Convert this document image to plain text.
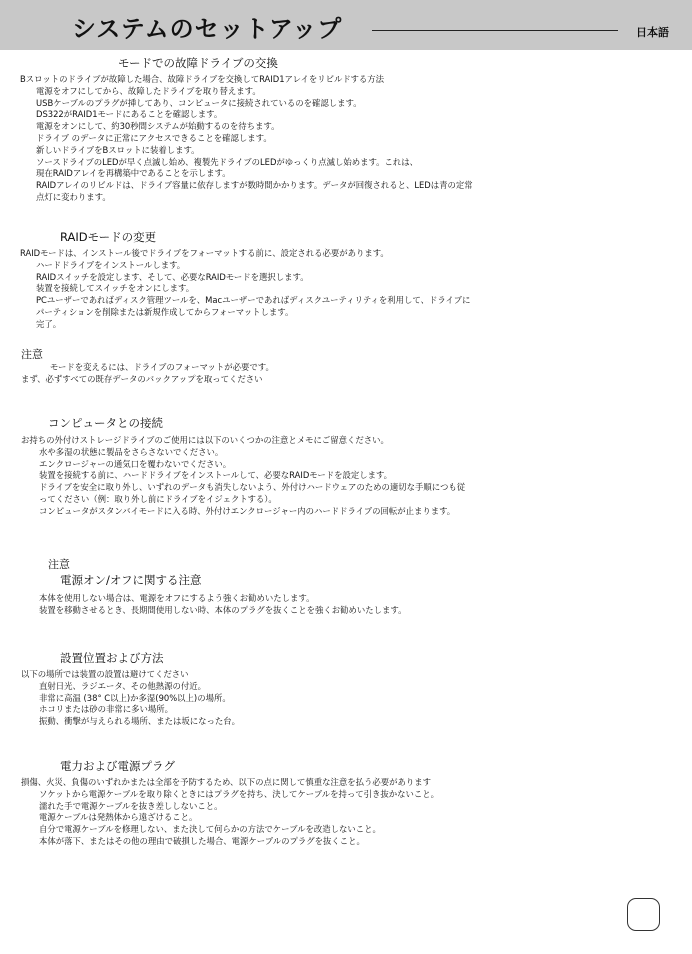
システムのセットアップ	日本語
モードでの故障ドライブの交換
Bスロットのドライブが故障した場合、故障ドライブを交換してRAID1アレイをリビルドする方法
電源をオフにしてから、故障したドライブを取り替えます。
USBケーブルのプラグが挿してあり、コンピュータに接続されているのを確認します。
DS322がRAID1モードにあることを確認します。
電源をオンにして、約30秒間システムが始動するのを待ちます。
ドライブ のデータに正常にアクセスできることを確認します。
新しいドライブをBスロットに装着します。
ソースドライブのLEDが早く点滅し始め、複製先ドライブのLEDがゆっくり点滅し始めます。これは、
現在RAIDアレイを再構築中であることを示します。
RAIDアレイのリビルドは、ドライブ容量に依存しますが数時間かかります。データが回復されると、LEDは青の定常
点灯に変わります。
RAIDモードの変更
RAIDモードは、インストール後でドライブをフォーマットする前に、設定される必要があります。
ハードドライブをインストールします。
RAIDスイッチを設定します、そして、必要なRAIDモードを選択します。
装置を接続してスイッチをオンにします。
PCユーザーであればディスク管理ツールを、Macユーザーであればディスクユーティリティを利用して、ドライブに
パーティションを削除または新規作成してからフォーマットします。
完了。
注意
モードを変えるには、ドライブのフォーマットが必要です。
まず、必ずすべての既存データのバックアップを取ってください
コンピュータとの接続
お持ちの外付けストレージドライブのご使用には以下のいくつかの注意とメモにご留意ください。
水や多湿の状態に製品をさらさないでください。
エンクロージャーの通気口を覆わないでください。
装置を接続する前に、ハードドライブをインストールして、必要なRAIDモードを設定します。
ドライブを安全に取り外し、いずれのデータも消失しないよう、外付けハードウェアのための適切な手順につも従
ってください（例：取り外し前にドライブをイジェクトする）。
コンピュータがスタンバイモードに入る時、外付けエンクロージャー内のハードドライブの回転が止まります。
注意
電源オン/オフに関する注意
本体を使用しない場合は、電源をオフにするよう強くお勧めいたします。
装置を移動させるとき、長期間使用しない時、本体のプラグを抜くことを強くお勧めいたします。
設置位置および方法
以下の場所では装置の設置は避けてください
直射日光、ラジエータ、その他熱源の付近。
非常に高温 (38° C以上)か多湿(90%以上)の場所。
ホコリまたは砂の非常に多い場所。
振動、衝撃が与えられる場所、または坂になった台。
電力および電源プラグ
損傷、火災、負傷のいずれかまたは全部を予防するため、以下の点に関して慎重な注意を払う必要があります
ソケットから電源ケーブルを取り除くときにはプラグを持ち、決してケーブルを持って引き抜かないこと。
濡れた手で電源ケーブルを抜き差ししないこと。
電源ケーブルは発熱体から遠ざけること。
自分で電源ケーブルを修理しない、また決して何らかの方法でケーブルを改造しないこと。
本体が落下、またはその他の理由で破損した場合、電源ケーブルのプラグを抜くこと。
